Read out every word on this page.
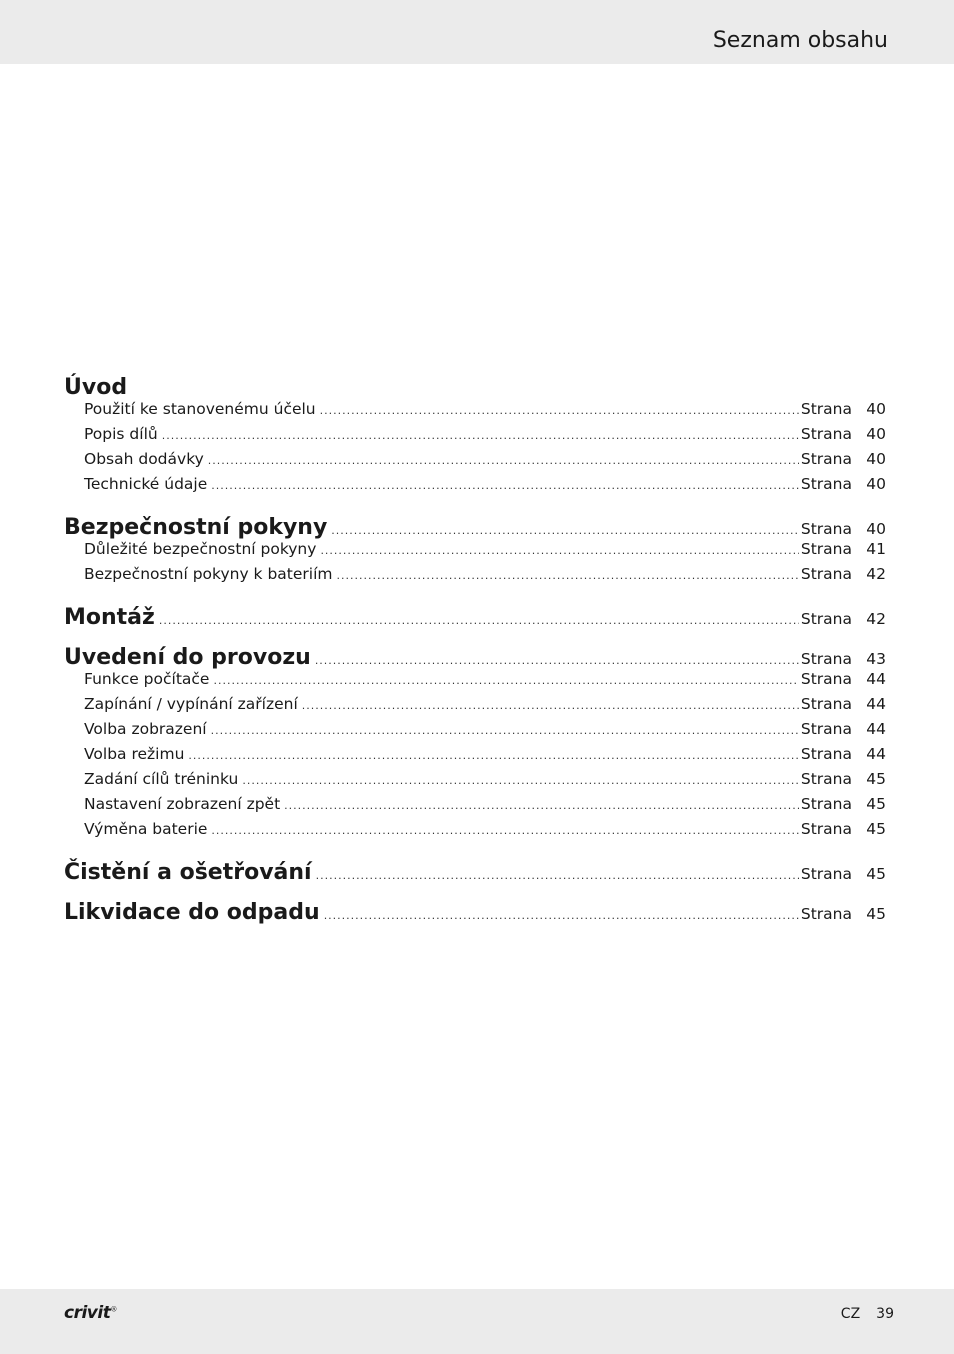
Seznam obsahu
Úvod
Použití ke stanovenému účelu .....	Strana 40
Popis dílů .....	Strana 40
Obsah dodávky .....	Strana 40
Technické údaje .....	Strana 40
Bezpečnostní pokyny .....	Strana 40
Důležité bezpečnostní pokyny .....	Strana 41
Bezpečnostní pokyny k bateriím .....	Strana 42
Montáž .....	Strana 42
Uvedení do provozu .....	Strana 43
Funkce počítače .....	Strana 44
Zapínání / vypínání zařízení .....	Strana 44
Volba zobrazení .....	Strana 44
Volba režimu .....	Strana 44
Zadání cílů tréninku .....	Strana 45
Nastavení zobrazení zpět .....	Strana 45
Výměna baterie .....	Strana 45
Čistění a ošetřování .....	Strana 45
Likvidace do odpadu .....	Strana 45
crivit®	CZ 39
